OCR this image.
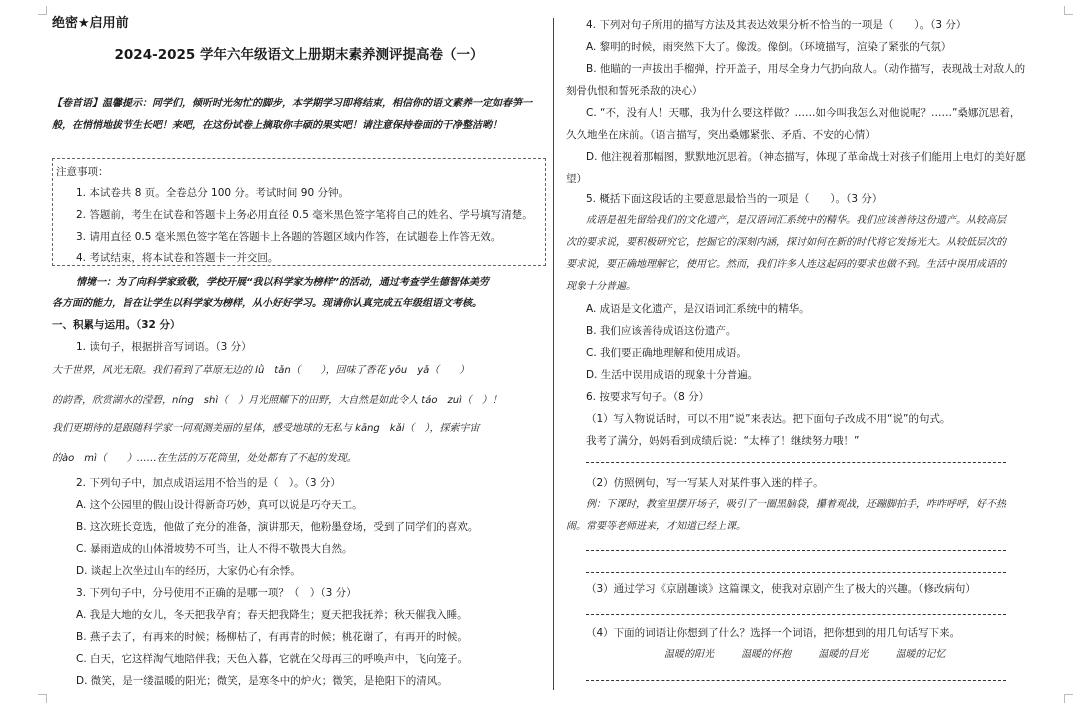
绝密★启用前
2024-2025 学年六年级语文上册期末素养测评提高卷（一）
【卷首语】温馨提示：同学们，倾听时光匆忙的脚步，本学期学习即将结束，相信你的语文素养一定如春笋一般，在悄悄地拔节生长吧！来吧，在这份试卷上摘取你丰硕的果实吧！请注意保持卷面的干净整洁哟！
注意事项：
1. 本试卷共 8 页。全卷总分 100 分。考试时间 90 分钟。
2. 答题前，考生在试卷和答题卡上务必用直径 0.5 毫米黑色签字笔将自己的姓名、学号填写清楚。
3. 请用直径 0.5 毫米黑色签字笔在答题卡上各题的答题区域内作答，在试题卷上作答无效。
4. 考试结束，将本试卷和答题卡一并交回。
情境一：为了向科学家致敬，学校开展“我以科学家为榜样”的活动，通过考查学生德智体美劳
各方面的能力，旨在让学生以科学家为榜样，从小好好学习。现请你认真完成五年级组语文考核。
一、积累与运用。（32 分）
1. 读句子，根据拼音写词语。（3 分）
大千世界，风光无限。我们看到了草原无边的 lǜ　tǎn（　　），回味了香花 yōu　yǎ（　　）
的韵香，欣赏湖水的滢碧，níng　shì（　）月光照耀下的田野，大自然是如此令人 táo　zuì（　）！
我们更期待的是跟随科学家一同观测美丽的星体，感受地球的无私与 kāng　kǎi（　），探索宇宙
的ào　mì（　　）……在生活的万花筒里，处处都有了不起的发现。
2. 下列句子中，加点成语运用不恰当的是（　）。（3 分）
A. 这个公园里的假山设计得新奇巧妙，真可以说是巧夺天工。
B. 这次班长竞选，他做了充分的准备，演讲那天，他粉墨登场，受到了同学们的喜欢。
C. 暴雨造成的山体滑坡势不可当，让人不得不敬畏大自然。
D. 谈起上次坐过山车的经历，大家仍心有余悸。
3. 下列句子中，分号使用不正确的是哪一项？（　）（3 分）
A. 我是大地的女儿，冬天把我孕育；春天把我降生；夏天把我抚养；秋天催我入睡。
B. 燕子去了，有再来的时候；杨柳枯了，有再青的时候；桃花谢了，有再开的时候。
C. 白天，它这样淘气地陪伴我；天色入暮，它就在父母再三的呼唤声中，飞向笼子。
D. 微笑，是一缕温暖的阳光；微笑，是寒冬中的炉火；微笑，是艳阳下的清风。
4. 下列对句子所用的描写方法及其表达效果分析不恰当的一项是（　　）。（3 分）
A. 黎明的时候，雨突然下大了。像泼。像倒。（环境描写，渲染了紧张的气氛）
B. 他瞄的一声拔出手榴弹，拧开盖子，用尽全身力气扔向敌人。（动作描写，表现战士对敌人的
刻骨仇恨和誓死杀敌的决心）
C. “不，没有人！天哪，我为什么要这样做？……如今叫我怎么对他说呢？……”桑娜沉思着，
久久地坐在床前。（语言描写，突出桑娜紧张、矛盾、不安的心情）
D. 他注视着那幅图，默默地沉思着。（神态描写，体现了革命战士对孩子们能用上电灯的美好愿
望）
5. 概括下面这段话的主要意思最恰当的一项是（　　）。（3 分）
成语是祖先留给我们的文化遗产，是汉语词汇系统中的精华。我们应该善待这份遗产。从较高层
次的要求说，要积极研究它，挖掘它的深刻内涵，探讨如何在新的时代将它发扬光大。从较低层次的
要求说，要正确地理解它，使用它。然而，我们许多人连这起码的要求也做不到。生活中误用成语的
现象十分普遍。
A. 成语是文化遗产，是汉语词汇系统中的精华。
B. 我们应该善待成语这份遗产。
C. 我们要正确地理解和使用成语。
D. 生活中误用成语的现象十分普遍。
6. 按要求写句子。（8 分）
（1）写入物说话时，可以不用“说”来表达。把下面句子改成不用“说”的句式。
我考了满分，妈妈看到成绩后说：“太棒了！继续努力哦！”
（2）仿照例句，写一写某人对某件事入迷的样子。
例：下课时，教室里摆开场子，吸引了一圈黑脑袋，攥着观战，还蹦脚拍手，咋咋呼呼，好不热
闹。常要等老师进来，才知道已经上课。
（3）通过学习《京剧趣谈》这篇课文，使我对京剧产生了极大的兴趣。（修改病句）
（4）下面的词语让你想到了什么？选择一个词语，把你想到的用几句话写下来。
温暖的阳光	温暖的怀抱	温暖的目光	温暖的记忆
